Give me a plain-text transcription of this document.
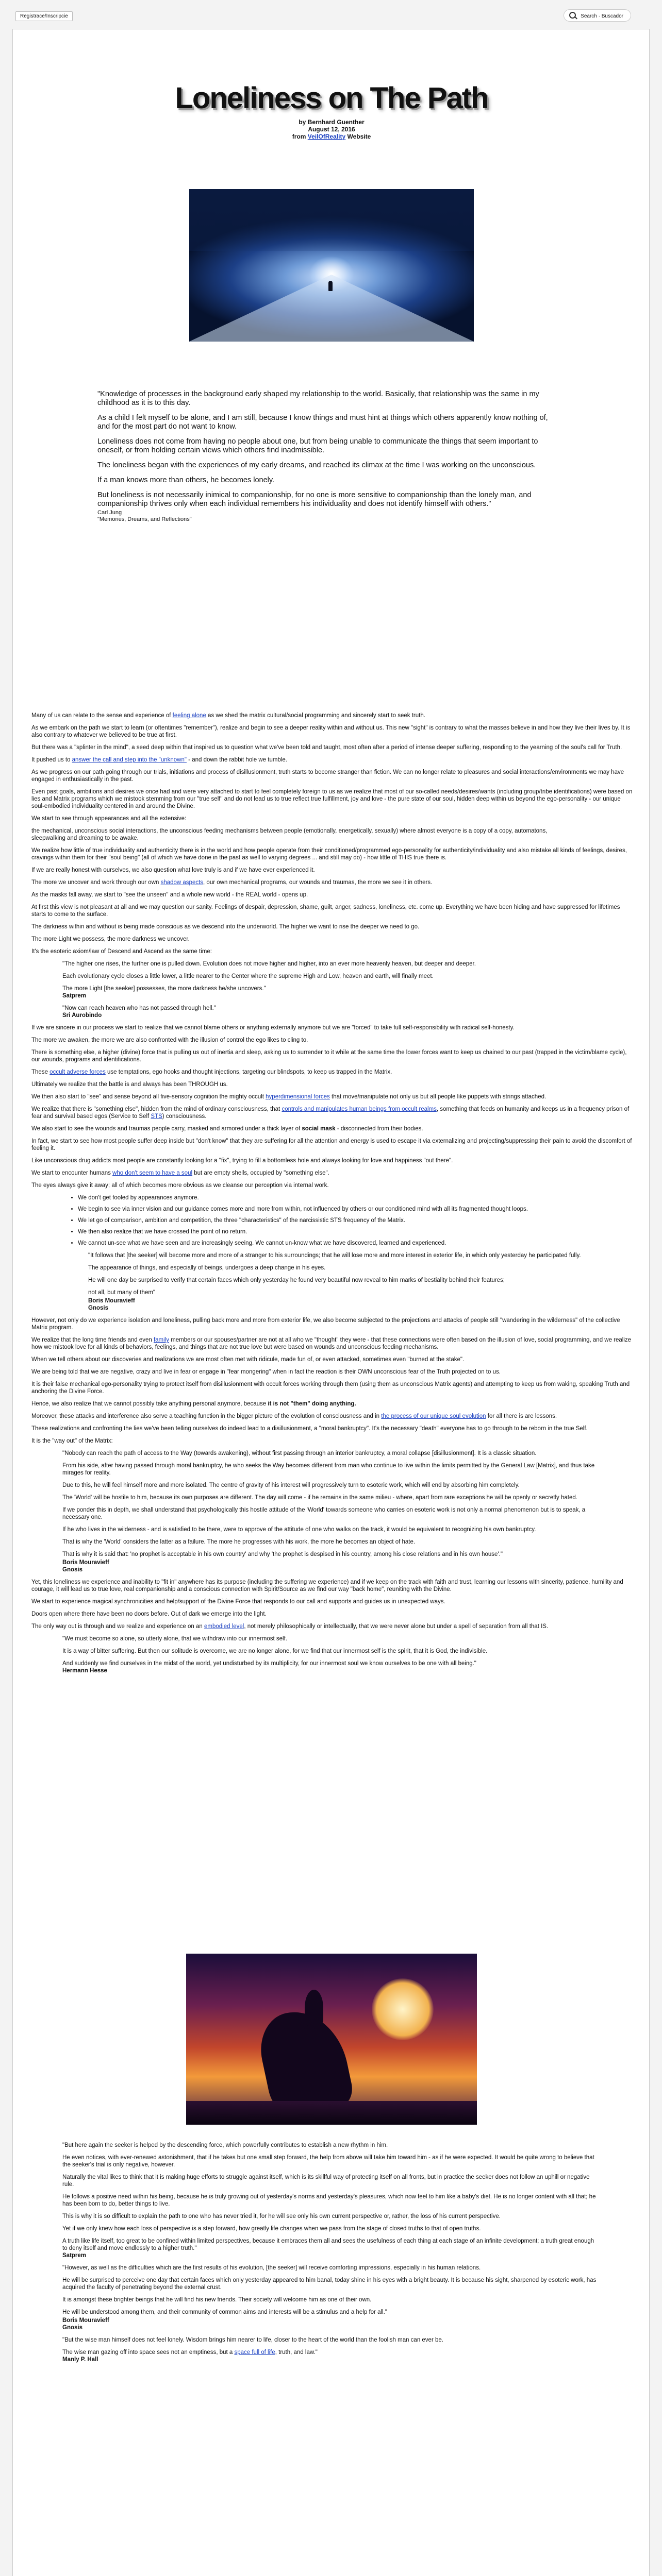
Registrace/Inscripcie	Search · Buscador
Loneliness on The Path
by Bernhard Guenther
August 12, 2016
from VeilOfReality Website

"Knowledge of processes in the background early shaped my relationship to the world. Basically, that relationship was the same in my childhood as it is to this day.

As a child I felt myself to be alone, and I am still, because I know things and must hint at things which others apparently know nothing of, and for the most part do not want to know.

Loneliness does not come from having no people about one, but from being unable to communicate the things that seem important to oneself, or from holding certain views which others find inadmissible.

The loneliness began with the experiences of my early dreams, and reached its climax at the time I was working on the unconscious.

If a man knows more than others, he becomes lonely.

But loneliness is not necessarily inimical to companionship, for no one is more sensitive to companionship than the lonely man, and companionship thrives only when each individual remembers his individuality and does not identify himself with others."

Carl Jung
"Memories, Dreams, and Reflections"

Many of us can relate to the sense and experience of feeling alone as we shed the matrix cultural/social programming and sincerely start to seek truth.

As we embark on the path we start to learn (or oftentimes "remember"), realize and begin to see a deeper reality within and without us. This new "sight" is contrary to what the masses believe in and how they live their lives by. It is also contrary to whatever we believed to be true at first.

But there was a "splinter in the mind", a seed deep within that inspired us to question what we've been told and taught, most often after a period of intense deeper suffering, responding to the yearning of the soul's call for Truth.

It pushed us to answer the call and step into the "unknown" - and down the rabbit hole we tumble.

As we progress on our path going through our trials, initiations and process of disillusionment, truth starts to become stranger than fiction. We can no longer relate to pleasures and social interactions/environments we may have engaged in enthusiastically in the past.

Even past goals, ambitions and desires we once had and were very attached to start to feel completely foreign to us as we realize that most of our so-called needs/desires/wants (including group/tribe identifications) were based on lies and Matrix programs which we mistook stemming from our "true self" and do not lead us to true reflect true fulfillment, joy and love - the pure state of our soul, hidden deep within us beyond the ego-personality - our unique soul-embodied individuality centered in and around the Divine.

We start to see through appearances and all the extensive:

the mechanical, unconscious social interactions, the unconscious feeding mechanisms between people (emotionally, energetically, sexually) where almost everyone is a copy of a copy, automatons, sleepwalking and dreaming to be awake.

We realize how little of true individuality and authenticity there is in the world and how people operate from their conditioned/programmed ego-personality for authenticity/individuality and also mistake all kinds of feelings, desires, cravings within them for their "soul being" (all of which we have done in the past as well to varying degrees ... and still may do) - how little of THIS true there is.

If we are really honest with ourselves, we also question what love truly is and if we have ever experienced it.

The more we uncover and work through our own shadow aspects, our own mechanical programs, our wounds and traumas, the more we see it in others.

As the masks fall away, we start to "see the unseen" and a whole new world - the REAL world - opens up.

At first this view is not pleasant at all and we may question our sanity. Feelings of despair, depression, shame, guilt, anger, sadness, loneliness, etc. come up. Everything we have been hiding and have suppressed for lifetimes starts to come to the surface.

The darkness within and without is being made conscious as we descend into the underworld. The higher we want to rise the deeper we need to go.

The more Light we possess, the more darkness we uncover.

It's the esoteric axiom/law of Descend and Ascend as the same time:

"The higher one rises, the further one is pulled down. Evolution does not move higher and higher, into an ever more heavenly heaven, but deeper and deeper.

Each evolutionary cycle closes a little lower, a little nearer to the Center where the supreme High and Low, heaven and earth, will finally meet.

The more Light [the seeker] possesses, the more darkness he/she uncovers."

Satprem

"Now can reach heaven who has not passed through hell."

Sri Aurobindo

If we are sincere in our process we start to realize that we cannot blame others or anything externally anymore but we are "forced" to take full self-responsibility with radical self-honesty.

The more we awaken, the more we are also confronted with the illusion of control the ego likes to cling to.

There is something else, a higher (divine) force that is pulling us out of inertia and sleep, asking us to surrender to it while at the same time the lower forces want to keep us chained to our past (trapped in the victim/blame cycle), our wounds, programs and identifications.

These occult adverse forces use temptations, ego hooks and thought injections, targeting our blindspots, to keep us trapped in the Matrix.

Ultimately we realize that the battle is and always has been THROUGH us.

We then also start to "see" and sense beyond all five-sensory cognition the mighty occult hyperdimensional forces that move/manipulate not only us but all people like puppets with strings attached.

We realize that there is "something else", hidden from the mind of ordinary consciousness, that controls and manipulates human beings from occult realms, something that feeds on humanity and keeps us in a frequency prison of fear and survival based egos (Service to Self STS) consciousness.

We also start to see the wounds and traumas people carry, masked and armored under a thick layer of social mask - disconnected from their bodies.

In fact, we start to see how most people suffer deep inside but "don't know" that they are suffering for all the attention and energy is used to escape it via externalizing and projecting/suppressing their pain to avoid the discomfort of feeling it.

Like unconscious drug addicts most people are constantly looking for a "fix", trying to fill a bottomless hole and always looking for love and happiness "out there".

We start to encounter humans who don't seem to have a soul but are empty shells, occupied by "something else".

The eyes always give it away; all of which becomes more obvious as we cleanse our perception via internal work.

• We don't get fooled by appearances anymore.
• We begin to see via inner vision and our guidance comes more and more from within, not influenced by others or our conditioned mind with all its fragmented thought loops.
• We let go of comparison, ambition and competition, the three "characteristics" of the narcissistic STS frequency of the Matrix.
• We then also realize that we have crossed the point of no return.
• We cannot un-see what we have seen and are increasingly seeing. We cannot un-know what we have discovered, learned and experienced.

"It follows that [the seeker] will become more and more of a stranger to his surroundings; that he will lose more and more interest in exterior life, in which only yesterday he participated fully.

The appearance of things, and especially of beings, undergoes a deep change in his eyes.

He will one day be surprised to verify that certain faces which only yesterday he found very beautiful now reveal to him marks of bestiality behind their features;

not all, but many of them"

Boris Mouravieff

Gnosis

However, not only do we experience isolation and loneliness, pulling back more and more from exterior life, we also become subjected to the projections and attacks of people still "wandering in the wilderness" of the collective Matrix program.

We realize that the long time friends and even family members or our spouses/partner are not at all who we "thought" they were - that these connections were often based on the illusion of love, social programming, and we realize how we mistook love for all kinds of behaviors, feelings, and things that are not true love but were based on wounds and unconscious feeding mechanisms.

When we tell others about our discoveries and realizations we are most often met with ridicule, made fun of, or even attacked, sometimes even "burned at the stake".

We are being told that we are negative, crazy and live in fear or engage in "fear mongering" when in fact the reaction is their OWN unconscious fear of the Truth projected on to us.

It is their false mechanical ego-personality trying to protect itself from disillusionment with occult forces working through them (using them as unconscious Matrix agents) and attempting to keep us from waking, speaking Truth and anchoring the Divine Force.

Hence, we also realize that we cannot possibly take anything personal anymore, because it is not "them" doing anything.

Moreover, these attacks and interference also serve a teaching function in the bigger picture of the evolution of consciousness and in the process of our unique soul evolution for all there is are lessons.

These realizations and confronting the lies we've been telling ourselves do indeed lead to a disillusionment, a "moral bankruptcy". It's the necessary "death" everyone has to go through to be reborn in the true Self.

It is the "way out" of the Matrix:

"Nobody can reach the path of access to the Way (towards awakening), without first passing through an interior bankruptcy, a moral collapse [disillusionment]. It is a classic situation.

From his side, after having passed through moral bankruptcy, he who seeks the Way becomes different from man who continue to live within the limits permitted by the General Law [Matrix], and thus take mirages for reality.

Due to this, he will feel himself more and more isolated. The centre of gravity of his interest will progressively turn to esoteric work, which will end by absorbing him completely.

The 'World' will be hostile to him, because its own purposes are different. The day will come - if he remains in the same milieu - where, apart from rare exceptions he will be openly or secretly hated.

If we ponder this in depth, we shall understand that psychologically this hostile attitude of the 'World' towards someone who carries on esoteric work is not only a normal phenomenon but is to speak, a necessary one.

If he who lives in the wilderness - and is satisfied to be there, were to approve of the attitude of one who walks on the track, it would be equivalent to recognizing his own bankruptcy.

That is why the 'World' considers the latter as a failure. The more he progresses with his work, the more he becomes an object of hate.

That is why it is said that: 'no prophet is acceptable in his own country' and why 'the prophet is despised in his country, among his close relations and in his own house'."

Boris Mouravieff

Gnosis

Yet, this loneliness we experience and inability to "fit in" anywhere has its purpose (including the suffering we experience) and if we keep on the track with faith and trust, learning our lessons with sincerity, patience, humility and courage, it will lead us to true love, real companionship and a conscious connection with Spirit/Source as we find our way "back home", reuniting with the Divine.

We start to experience magical synchronicities and help/support of the Divine Force that responds to our call and supports and guides us in unexpected ways.

Doors open where there have been no doors before. Out of dark we emerge into the light.

The only way out is through and we realize and experience on an embodied level, not merely philosophically or intellectually, that we were never alone but under a spell of separation from all that IS.

"We must become so alone, so utterly alone, that we withdraw into our innermost self.

It is a way of bitter suffering. But then our solitude is overcome, we are no longer alone, for we find that our innermost self is the spirit, that it is God, the indivisible.

And suddenly we find ourselves in the midst of the world, yet undisturbed by its multiplicity, for our innermost soul we know ourselves to be one with all being."

Hermann Hesse

"But here again the seeker is helped by the descending force, which powerfully contributes to establish a new rhythm in him.

He even notices, with ever-renewed astonishment, that if he takes but one small step forward, the help from above will take him toward him - as if he were expected. It would be quite wrong to believe that the seeker's trial is only negative, however.

Naturally the vital likes to think that it is making huge efforts to struggle against itself, which is its skillful way of protecting itself on all fronts, but in practice the seeker does not follow an uphill or negative rule.

He follows a positive need within his being, because he is truly growing out of yesterday's norms and yesterday's pleasures, which now feel to him like a baby's diet. He is no longer content with all that; he has been born to do, better things to live.

This is why it is so difficult to explain the path to one who has never tried it, for he will see only his own current perspective or, rather, the loss of his current perspective.

Yet if we only knew how each loss of perspective is a step forward, how greatly life changes when we pass from the stage of closed truths to that of open truths.

A truth like life itself, too great to be confined within limited perspectives, because it embraces them all and sees the usefulness of each thing at each stage of an infinite development; a truth great enough to deny itself and move endlessly to a higher truth."

Satprem

"However, as well as the difficulties which are the first results of his evolution, [the seeker] will receive comforting impressions, especially in his human relations.

He will be surprised to perceive one day that certain faces which only yesterday appeared to him banal, today shine in his eyes with a bright beauty. It is because his sight, sharpened by esoteric work, has acquired the faculty of penetrating beyond the external crust.

It is amongst these brighter beings that he will find his new friends. Their society will welcome him as one of their own.

He will be understood among them, and their community of common aims and interests will be a stimulus and a help for all."

Boris Mouravieff

Gnosis

"But the wise man himself does not feel lonely. Wisdom brings him nearer to life, closer to the heart of the world than the foolish man can ever be.

The wise man gazing off into space sees not an emptiness, but a space full of life, truth, and law."

Manly P. Hall
